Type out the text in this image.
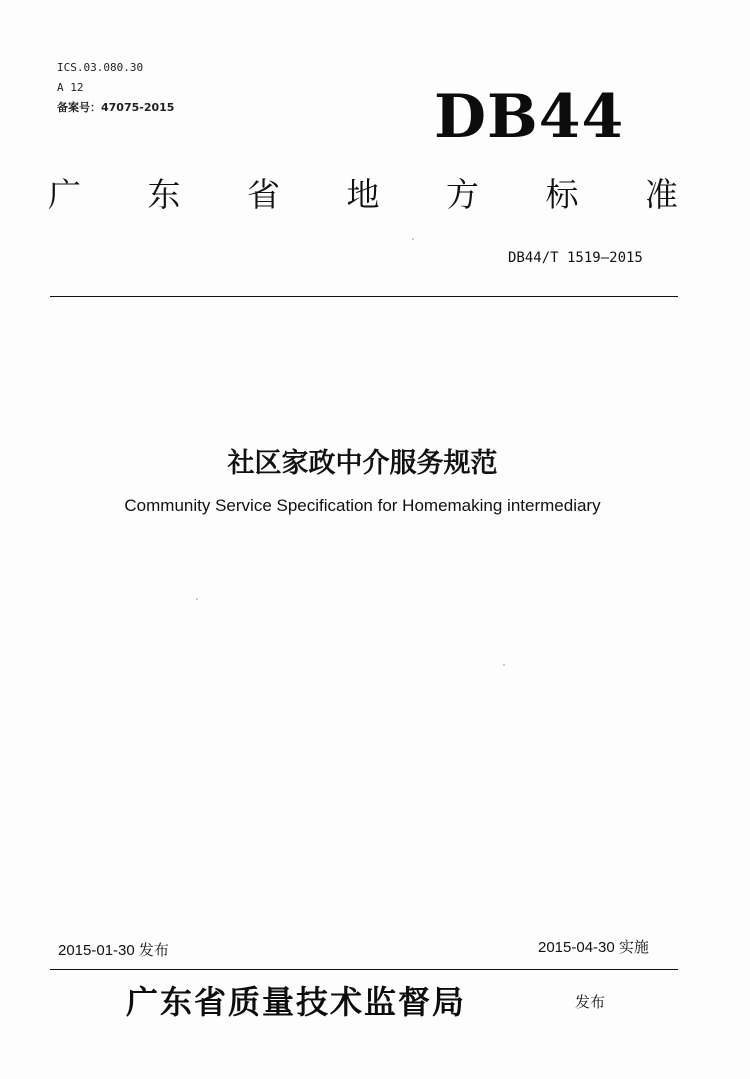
ICS.03.080.30
A 12
备案号：47075-2015	DB44
广 东 省 地 方 标 准
DB44/T 1519—2015
社区家政中介服务规范
Community Service Specification for Homemaking intermediary
2015-01-30 发布	2015-04-30 实施
广东省质量技术监督局	发布
